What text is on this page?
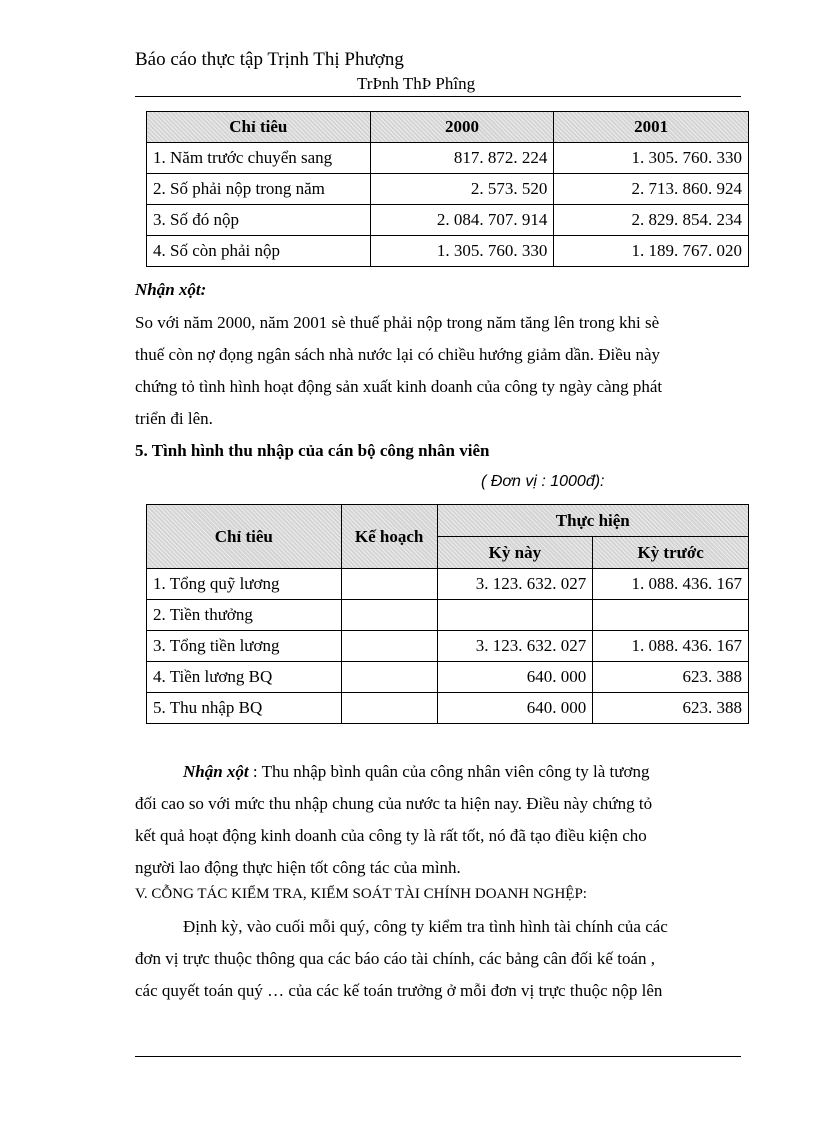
Báo cáo thực tập Trịnh Thị Phượng
TrÞnh ThÞ Phîng
Chỉ tiêu	2000	2001
1. Năm trước chuyển sang	817. 872. 224	1. 305. 760. 330
2. Số phải nộp trong năm	2. 573. 520	2. 713. 860. 924
3. Số đó nộp	2. 084. 707. 914	2. 829. 854. 234
4. Số còn phải nộp	1. 305. 760. 330	1. 189. 767. 020
Nhận xột:
So với năm 2000, năm 2001 sè thuế phải nộp trong năm tăng lên trong khi sè
thuế còn nợ đọng ngân sách nhà nước lại có chiều hướng giảm dần. Điều này
chứng tỏ tình hình hoạt động sản xuất kinh doanh của công ty ngày càng phát
triển đi lên.
5. Tình hình thu nhập của cán bộ công nhân viên
( Đơn vị : 1000đ):
Chỉ tiêu	Kế hoạch	Thực hiện	
		Kỳ này	Kỳ trước
1. Tổng quỹ lương		3. 123. 632. 027	1. 088. 436. 167
2. Tiền thưởng			
3. Tổng tiền lương		3. 123. 632. 027	1. 088. 436. 167
4. Tiền lương BQ		640. 000	623. 388
5. Thu nhập BQ		640. 000	623. 388
Nhận xột : Thu nhập bình quân của công nhân viên công ty là tương
đối cao so với mức thu nhập chung của nước ta hiện nay. Điều này chứng tỏ
kết quả hoạt động kinh doanh của công ty là rất tốt, nó đã tạo điều kiện cho
người lao động thực hiện tốt công tác của mình.
V. CỖNG TÁC KIỂM TRA, KIỂM SOÁT TÀI CHÍNH DOANH NGHỆP:
Định kỳ, vào cuối mỗi quý, công ty kiểm tra tình hình tài chính của các
đơn vị trực thuộc thông qua các báo cáo tài chính, các bảng cân đối kế toán ,
các quyết toán quý … của các kế toán trưởng ở mỗi đơn vị trực thuộc nộp lên
